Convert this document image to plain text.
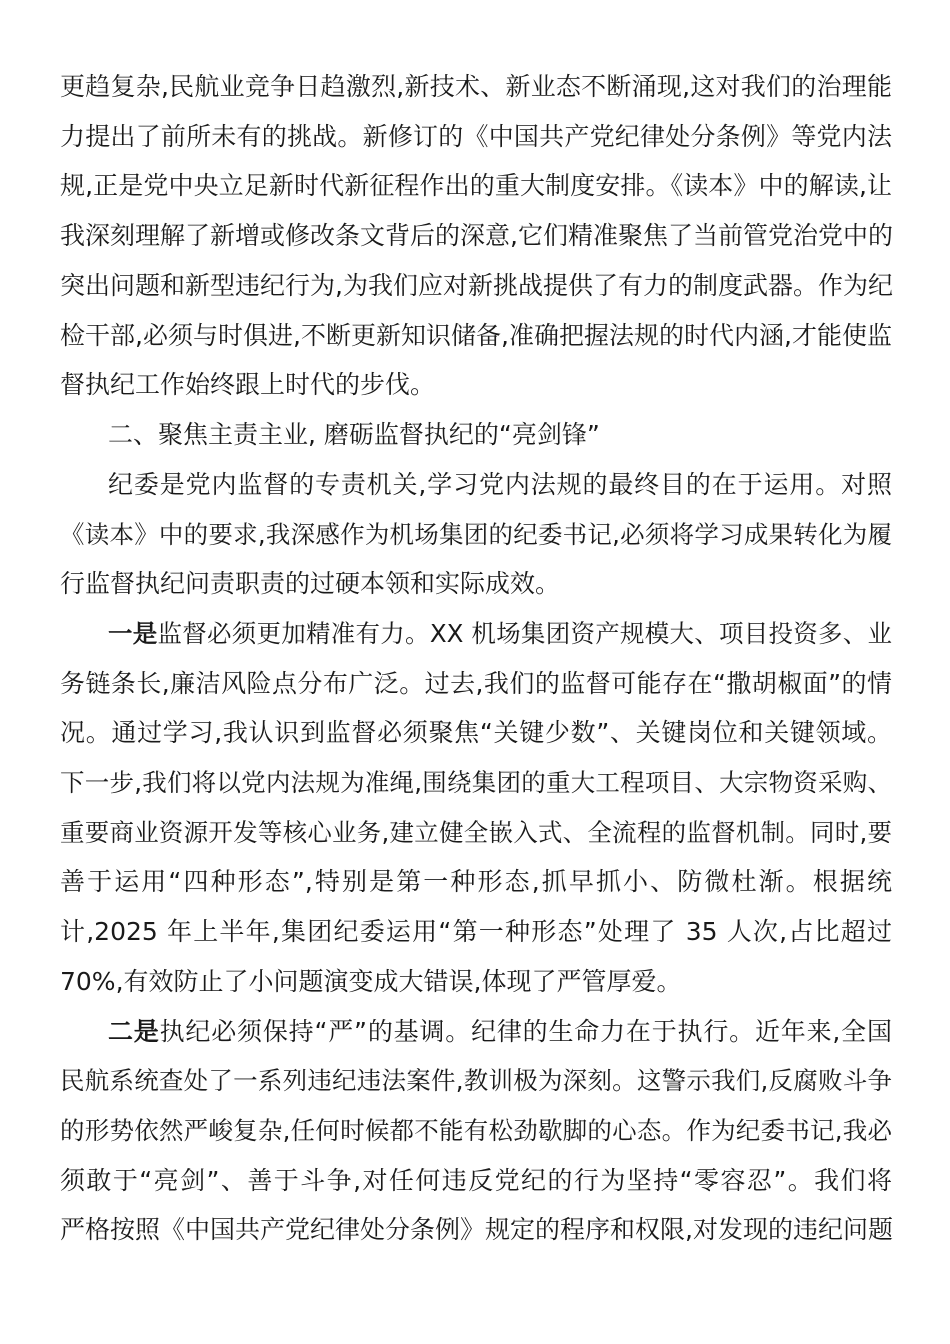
更趋复杂,民航业竞争日趋激烈,新技术、新业态不断涌现,这对我们的治理能
力提出了前所未有的挑战。新修订的《中国共产党纪律处分条例》等党内法
规,正是党中央立足新时代新征程作出的重大制度安排。《读本》中的解读,让
我深刻理解了新增或修改条文背后的深意,它们精准聚焦了当前管党治党中的
突出问题和新型违纪行为,为我们应对新挑战提供了有力的制度武器。作为纪
检干部,必须与时俱进,不断更新知识储备,准确把握法规的时代内涵,才能使监
督执纪工作始终跟上时代的步伐。
二、聚焦主责主业, 磨砺监督执纪的“亮剑锋”
纪委是党内监督的专责机关,学习党内法规的最终目的在于运用。对照
《读本》中的要求,我深感作为机场集团的纪委书记,必须将学习成果转化为履
行监督执纪问责职责的过硬本领和实际成效。
一是监督必须更加精准有力。XX 机场集团资产规模大、项目投资多、业
务链条长,廉洁风险点分布广泛。过去,我们的监督可能存在“撒胡椒面”的情
况。通过学习,我认识到监督必须聚焦“关键少数”、关键岗位和关键领域。
下一步,我们将以党内法规为准绳,围绕集团的重大工程项目、大宗物资采购、
重要商业资源开发等核心业务,建立健全嵌入式、全流程的监督机制。同时,要
善于运用“四种形态”,特别是第一种形态,抓早抓小、防微杜渐。根据统
计,2025 年上半年,集团纪委运用“第一种形态”处理了 35 人次,占比超过
70%,有效防止了小问题演变成大错误,体现了严管厚爱。
二是执纪必须保持“严”的基调。纪律的生命力在于执行。近年来,全国
民航系统查处了一系列违纪违法案件,教训极为深刻。这警示我们,反腐败斗争
的形势依然严峻复杂,任何时候都不能有松劲歇脚的心态。作为纪委书记,我必
须敢于“亮剑”、善于斗争,对任何违反党纪的行为坚持“零容忍”。我们将
严格按照《中国共产党纪律处分条例》规定的程序和权限,对发现的违纪问题
